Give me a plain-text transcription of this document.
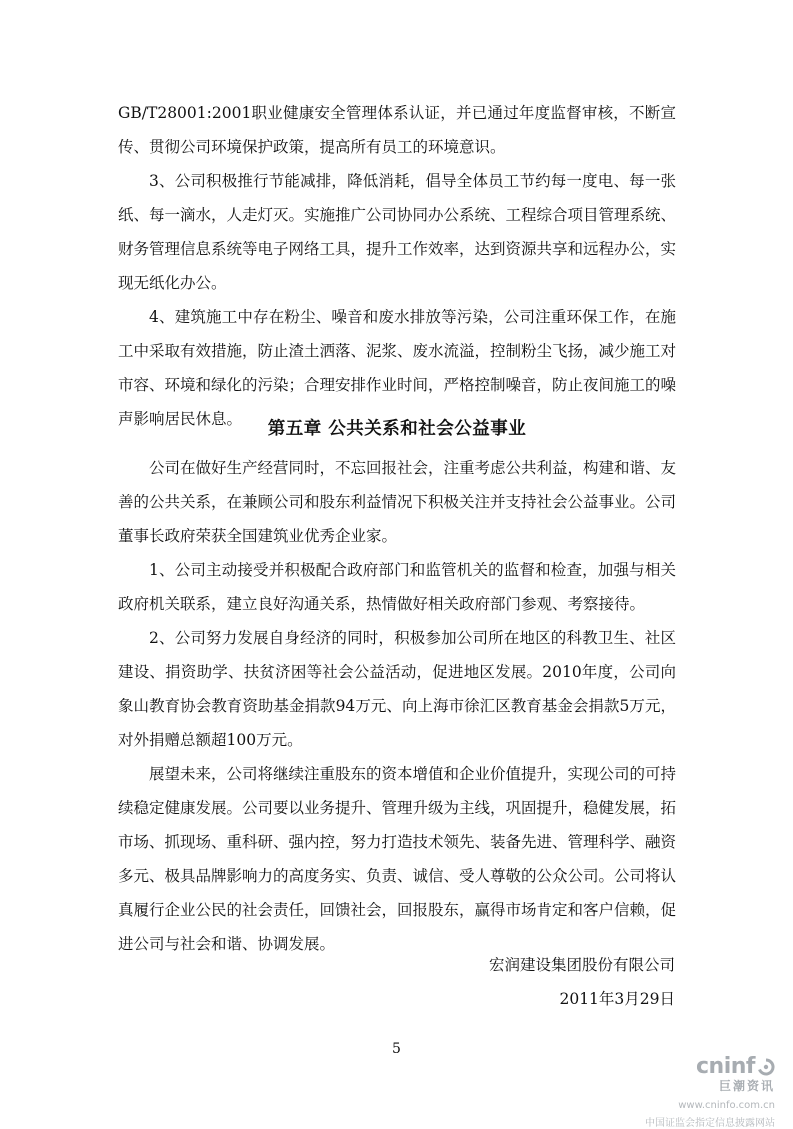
GB/T28001:2001职业健康安全管理体系认证，并已通过年度监督审核，不断宣传、贯彻公司环境保护政策，提高所有员工的环境意识。

3、公司积极推行节能减排，降低消耗，倡导全体员工节约每一度电、每一张纸、每一滴水，人走灯灭。实施推广公司协同办公系统、工程综合项目管理系统、财务管理信息系统等电子网络工具，提升工作效率，达到资源共享和远程办公，实现无纸化办公。

4、建筑施工中存在粉尘、噪音和废水排放等污染，公司注重环保工作，在施工中采取有效措施，防止渣土洒落、泥浆、废水流溢，控制粉尘飞扬，减少施工对市容、环境和绿化的污染；合理安排作业时间，严格控制噪音，防止夜间施工的噪声影响居民休息。	第五章 公共关系和社会公益事业

公司在做好生产经营同时，不忘回报社会，注重考虑公共利益，构建和谐、友善的公共关系，在兼顾公司和股东利益情况下积极关注并支持社会公益事业。公司董事长政府荣获全国建筑业优秀企业家。

1、公司主动接受并积极配合政府部门和监管机关的监督和检查，加强与相关政府机关联系，建立良好沟通关系，热情做好相关政府部门参观、考察接待。

2、公司努力发展自身经济的同时，积极参加公司所在地区的科教卫生、社区建设、捐资助学、扶贫济困等社会公益活动，促进地区发展。2010年度，公司向象山教育协会教育资助基金捐款94万元、向上海市徐汇区教育基金会捐款5万元，对外捐赠总额超100万元。

展望未来，公司将继续注重股东的资本增值和企业价值提升，实现公司的可持续稳定健康发展。公司要以业务提升、管理升级为主线，巩固提升，稳健发展，拓市场、抓现场、重科研、强内控，努力打造技术领先、装备先进、管理科学、融资多元、极具品牌影响力的高度务实、负责、诚信、受人尊敬的公众公司。公司将认真履行企业公民的社会责任，回馈社会，回报股东，赢得市场肯定和客户信赖，促进公司与社会和谐、协调发展。

宏润建设集团股份有限公司
2011年3月29日
5
cninf
巨潮资讯
www.cninfo.com.cn
中国证监会指定信息披露网站
